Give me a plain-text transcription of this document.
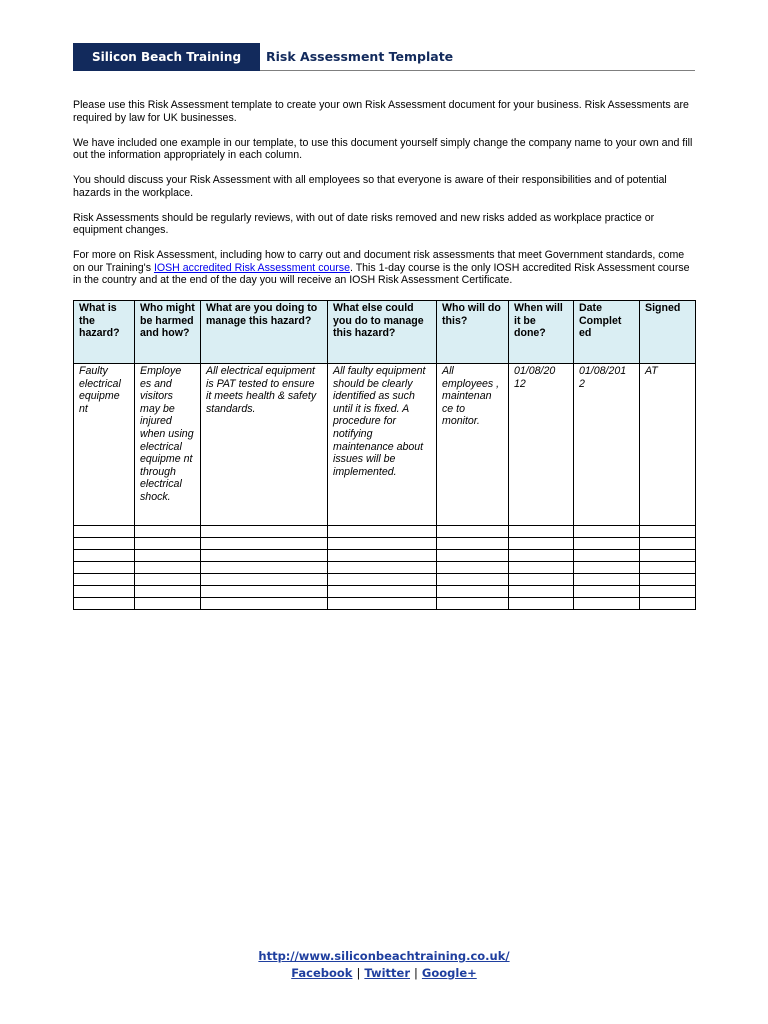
Silicon Beach Training	Risk Assessment Template

Please use this Risk Assessment template to create your own Risk Assessment document for your business. Risk Assessments are required by law for UK businesses.

We have included one example in our template, to use this document yourself simply change the company name to your own and fill out the information appropriately in each column.

You should discuss your Risk Assessment with all employees so that everyone is aware of their responsibilities and of potential hazards in the workplace.

Risk Assessments should be regularly reviews, with out of date risks removed and new risks added as workplace practice or equipment changes.

For more on Risk Assessment, including how to carry out and document risk assessments that meet Government standards, come on our Training's IOSH accredited Risk Assessment course. This 1-day course is the only IOSH accredited Risk Assessment course in the country and at the end of the day you will receive an IOSH Risk Assessment Certificate.

What is the hazard?	Who might be harmed and how?	What are you doing to manage this hazard?	What else could you do to manage this hazard?	Who will do this?	When will it be done?	Date Complet ed	Signed
Faulty electrical equipme nt	Employe es and visitors may be injured when using electrical equipme nt through electrical shock.	All electrical equipment is PAT tested to ensure it meets health & safety standards.	All faulty equipment should be clearly identified as such until it is fixed. A procedure for notifying maintenance about issues will be implemented.	All employees , maintenan ce to monitor.	01/08/20 12	01/08/201 2	AT

http://www.siliconbeachtraining.co.uk/
Facebook | Twitter | Google+
